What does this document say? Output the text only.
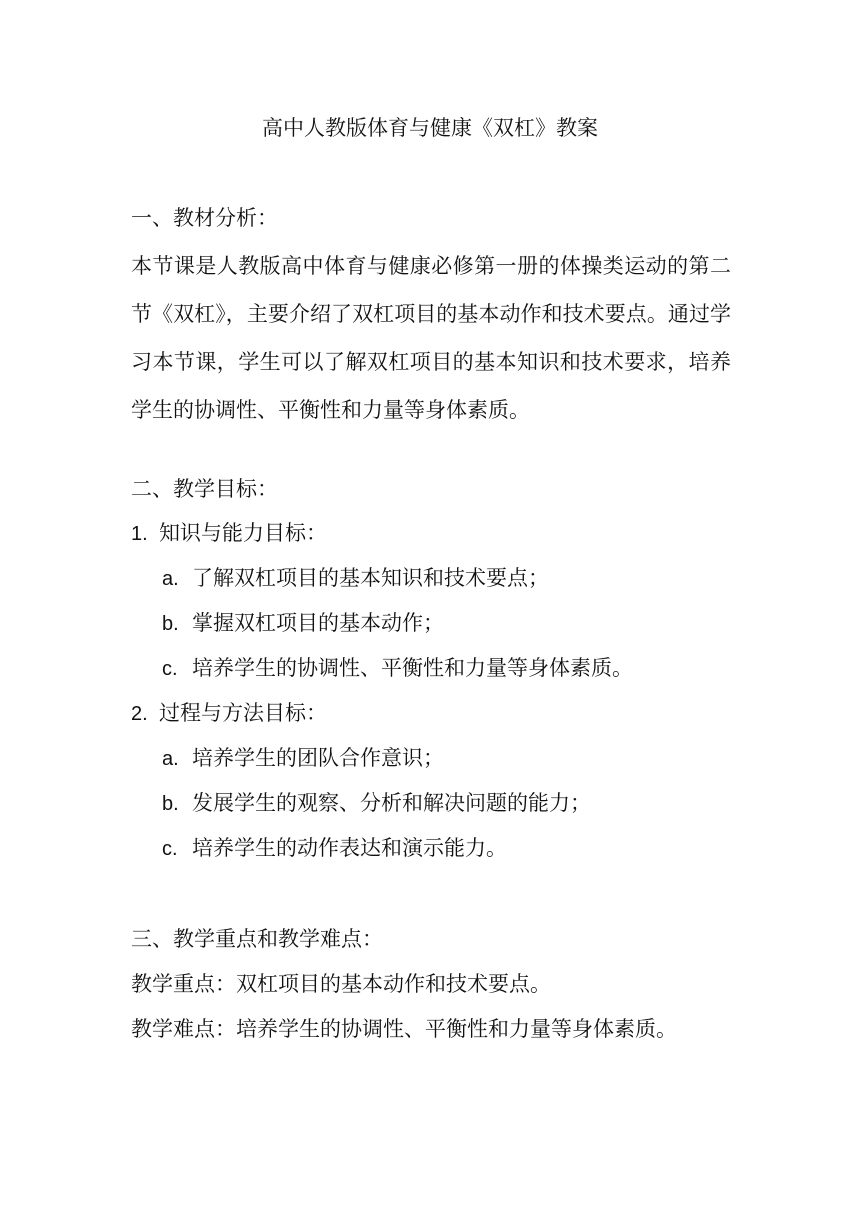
高中人教版体育与健康《双杠》教案
一、教材分析：
本节课是人教版高中体育与健康必修第一册的体操类运动的第二节《双杠》，主要介绍了双杠项目的基本动作和技术要点。通过学习本节课，学生可以了解双杠项目的基本知识和技术要求，培养学生的协调性、平衡性和力量等身体素质。
二、教学目标：
1. 知识与能力目标：
a. 了解双杠项目的基本知识和技术要点；
b. 掌握双杠项目的基本动作；
c. 培养学生的协调性、平衡性和力量等身体素质。
2. 过程与方法目标：
a. 培养学生的团队合作意识；
b. 发展学生的观察、分析和解决问题的能力；
c. 培养学生的动作表达和演示能力。
三、教学重点和教学难点：
教学重点：双杠项目的基本动作和技术要点。
教学难点：培养学生的协调性、平衡性和力量等身体素质。
